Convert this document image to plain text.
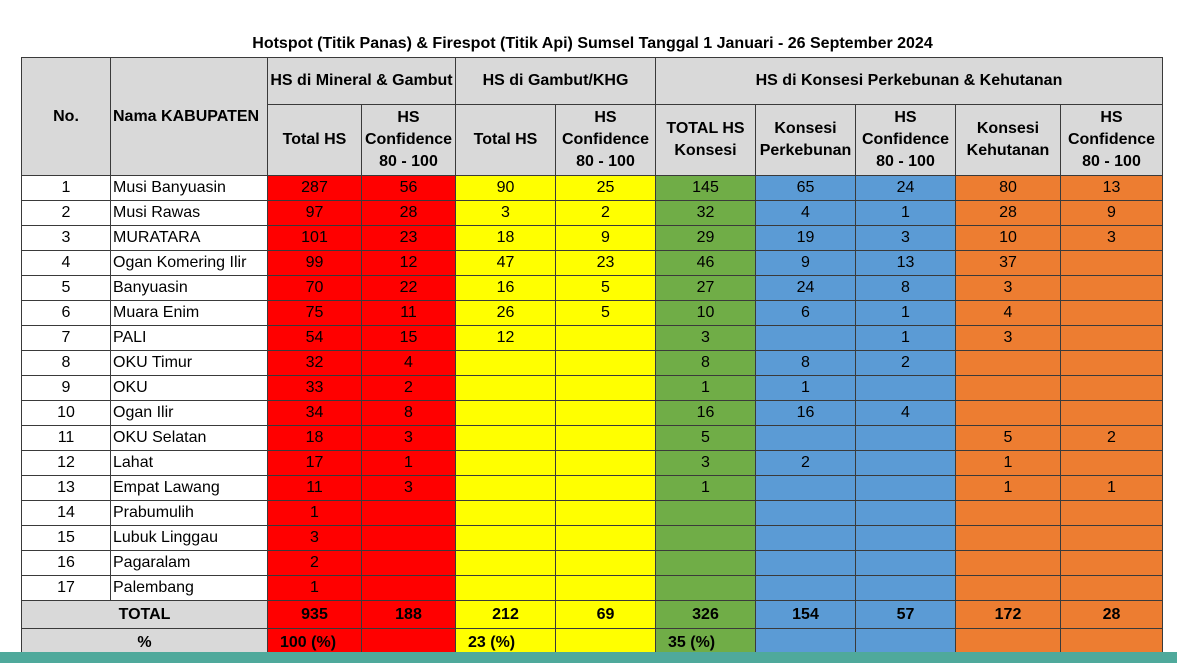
Hotspot (Titik Panas) & Firespot (Titik Api) Sumsel Tanggal 1 Januari - 26 September 2024
No.	Nama KABUPATEN	HS di Mineral & Gambut		HS di Gambut/KHG		HS di Konsesi Perkebunan & Kehutanan				
		Total HS	HS Confidence 80 - 100	Total HS	HS Confidence 80 - 100	TOTAL HS Konsesi	Konsesi Perkebunan	HS Confidence 80 - 100	Konsesi Kehutanan	HS Confidence 80 - 100
1	Musi Banyuasin	287	56	90	25	145	65	24	80	13
2	Musi Rawas	97	28	3	2	32	4	1	28	9
3	MURATARA	101	23	18	9	29	19	3	10	3
4	Ogan Komering Ilir	99	12	47	23	46	9	13	37	
5	Banyuasin	70	22	16	5	27	24	8	3	
6	Muara Enim	75	11	26	5	10	6	1	4	
7	PALI	54	15	12		3		1	3	
8	OKU Timur	32	4			8	8	2		
9	OKU	33	2			1	1			
10	Ogan Ilir	34	8			16	16	4		
11	OKU Selatan	18	3			5			5	2
12	Lahat	17	1			3	2		1	
13	Empat Lawang	11	3			1			1	1
14	Prabumulih	1								
15	Lubuk Linggau	3								
16	Pagaralam	2								
17	Palembang	1								
TOTAL		935	188	212	69	326	154	57	172	28
%		100 (%)		23 (%)		35 (%)				
